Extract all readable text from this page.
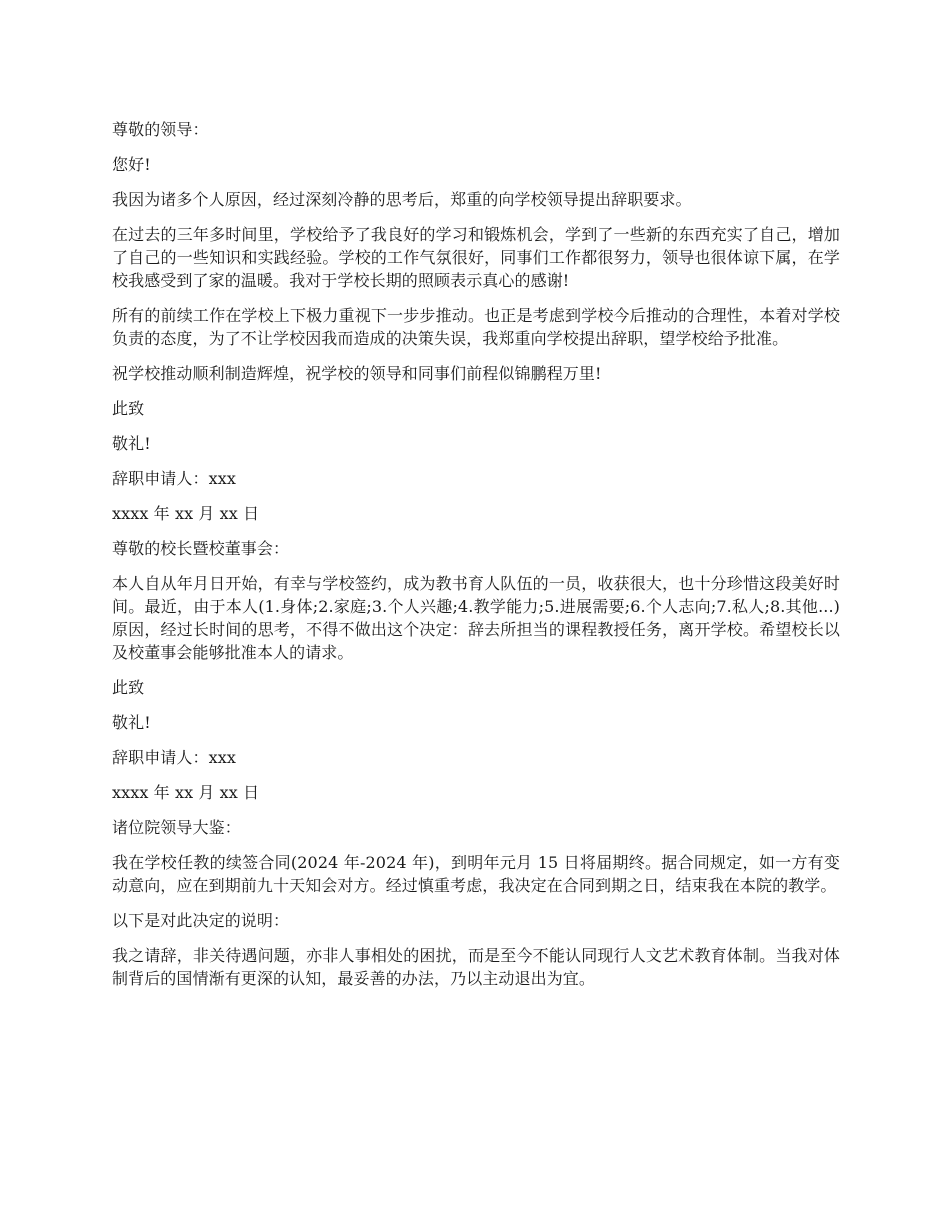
尊敬的领导：

您好!

我因为诸多个人原因，经过深刻冷静的思考后，郑重的向学校领导提出辞职要求。

在过去的三年多时间里，学校给予了我良好的学习和锻炼机会，学到了一些新的东西充实了自己，增加了自己的一些知识和实践经验。学校的工作气氛很好，同事们工作都很努力，领导也很体谅下属，在学校我感受到了家的温暖。我对于学校长期的照顾表示真心的感谢!

所有的前续工作在学校上下极力重视下一步步推动。也正是考虑到学校今后推动的合理性，本着对学校负责的态度，为了不让学校因我而造成的决策失误，我郑重向学校提出辞职，望学校给予批准。

祝学校推动顺利制造辉煌，祝学校的领导和同事们前程似锦鹏程万里!

此致

敬礼!

辞职申请人：xxx

xxxx 年 xx 月 xx 日

尊敬的校长暨校董事会：

本人自从年月日开始，有幸与学校签约，成为教书育人队伍的一员，收获很大，也十分珍惜这段美好时间。最近，由于本人(1.身体;2.家庭;3.个人兴趣;4.教学能力;5.进展需要;6.个人志向;7.私人;8.其他...)原因，经过长时间的思考，不得不做出这个决定：辞去所担当的课程教授任务，离开学校。希望校长以及校董事会能够批准本人的请求。

此致

敬礼!

辞职申请人：xxx

xxxx 年 xx 月 xx 日

诸位院领导大鉴：

我在学校任教的续签合同(2024 年-2024 年)，到明年元月 15 日将届期终。据合同规定，如一方有变动意向，应在到期前九十天知会对方。经过慎重考虑，我决定在合同到期之日，结束我在本院的教学。

以下是对此决定的说明：

我之请辞，非关待遇问题，亦非人事相处的困扰，而是至今不能认同现行人文艺术教育体制。当我对体制背后的国情渐有更深的认知，最妥善的办法，乃以主动退出为宜。
